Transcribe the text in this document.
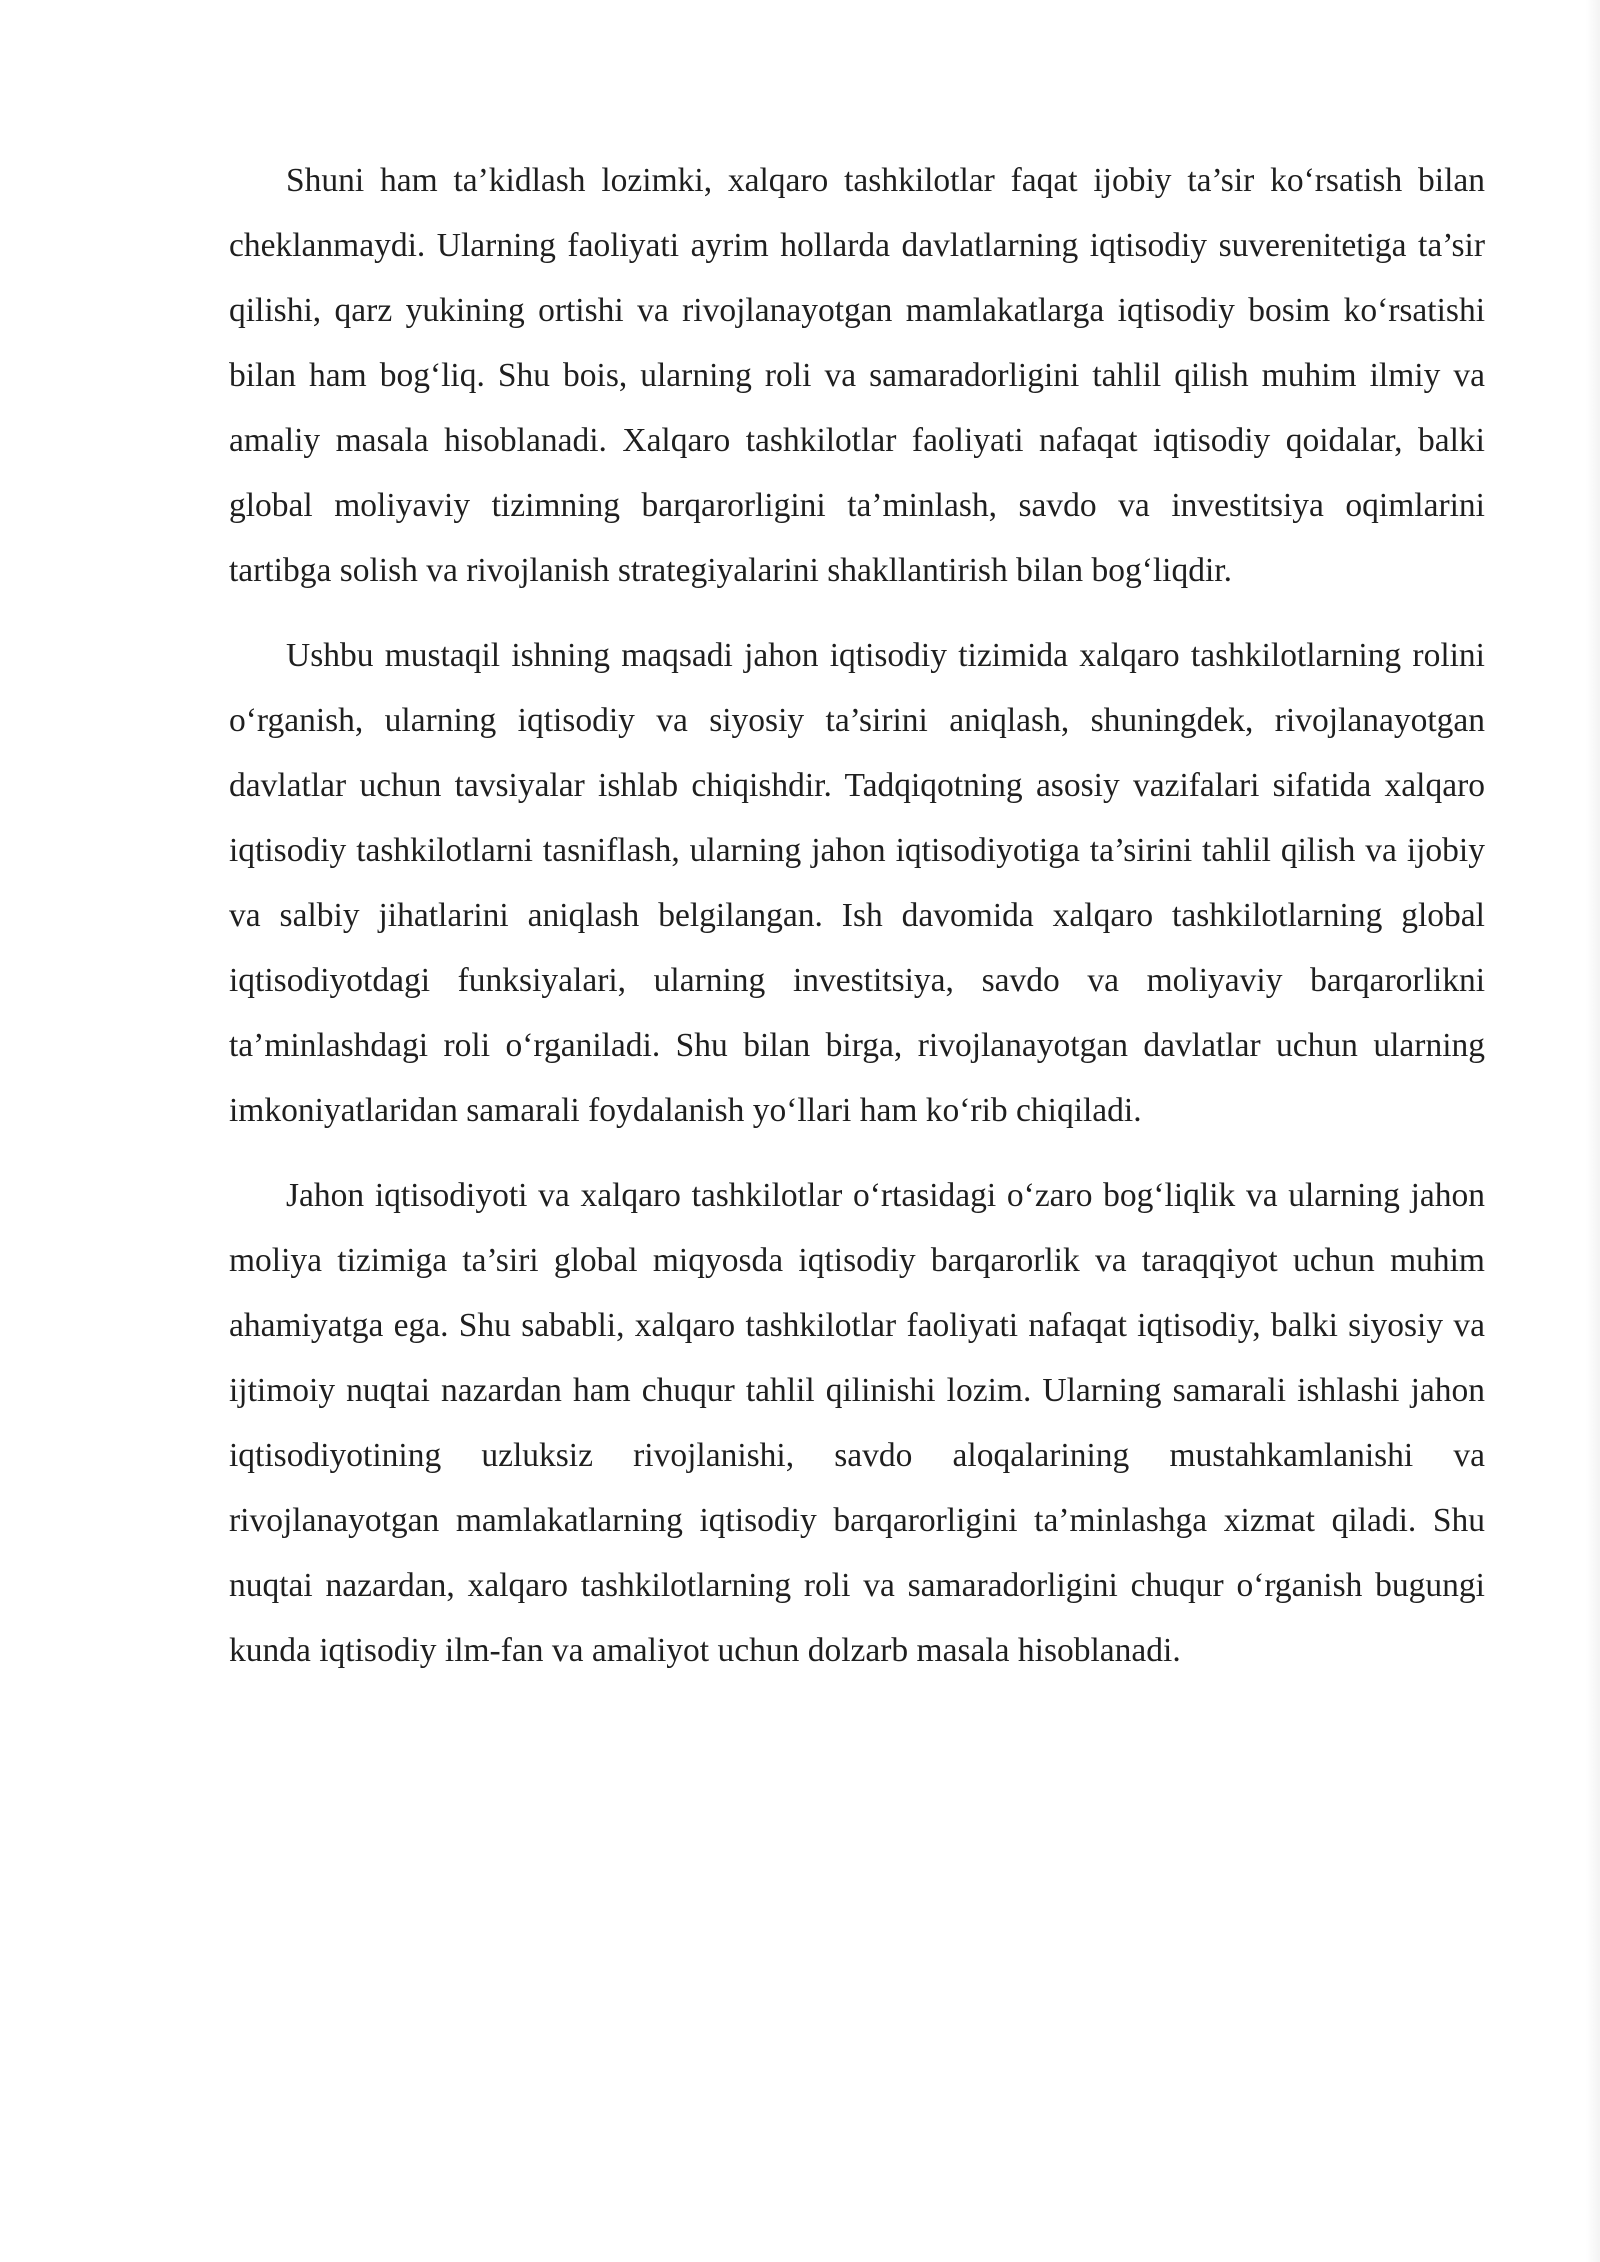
Shuni ham ta’kidlash lozimki, xalqaro tashkilotlar faqat ijobiy ta’sir ko‘rsatish bilan cheklanmaydi. Ularning faoliyati ayrim hollarda davlatlarning iqtisodiy suverenitetiga ta’sir qilishi, qarz yukining ortishi va rivojlanayotgan mamlakatlarga iqtisodiy bosim ko‘rsatishi bilan ham bog‘liq. Shu bois, ularning roli va samaradorligini tahlil qilish muhim ilmiy va amaliy masala hisoblanadi. Xalqaro tashkilotlar faoliyati nafaqat iqtisodiy qoidalar, balki global moliyaviy tizimning barqarorligini ta’minlash, savdo va investitsiya oqimlarini tartibga solish va rivojlanish strategiyalarini shakllantirish bilan bog‘liqdir.

Ushbu mustaqil ishning maqsadi jahon iqtisodiy tizimida xalqaro tashkilotlarning rolini o‘rganish, ularning iqtisodiy va siyosiy ta’sirini aniqlash, shuningdek, rivojlanayotgan davlatlar uchun tavsiyalar ishlab chiqishdir. Tadqiqotning asosiy vazifalari sifatida xalqaro iqtisodiy tashkilotlarni tasniflash, ularning jahon iqtisodiyotiga ta’sirini tahlil qilish va ijobiy va salbiy jihatlarini aniqlash belgilangan. Ish davomida xalqaro tashkilotlarning global iqtisodiyotdagi funksiyalari, ularning investitsiya, savdo va moliyaviy barqarorlikni ta’minlashdagi roli o‘rganiladi. Shu bilan birga, rivojlanayotgan davlatlar uchun ularning imkoniyatlaridan samarali foydalanish yo‘llari ham ko‘rib chiqiladi.

Jahon iqtisodiyoti va xalqaro tashkilotlar o‘rtasidagi o‘zaro bog‘liqlik va ularning jahon moliya tizimiga ta’siri global miqyosda iqtisodiy barqarorlik va taraqqiyot uchun muhim ahamiyatga ega. Shu sababli, xalqaro tashkilotlar faoliyati nafaqat iqtisodiy, balki siyosiy va ijtimoiy nuqtai nazardan ham chuqur tahlil qilinishi lozim. Ularning samarali ishlashi jahon iqtisodiyotining uzluksiz rivojlanishi, savdo aloqalarining mustahkamlanishi va rivojlanayotgan mamlakatlarning iqtisodiy barqarorligini ta’minlashga xizmat qiladi. Shu nuqtai nazardan, xalqaro tashkilotlarning roli va samaradorligini chuqur o‘rganish bugungi kunda iqtisodiy ilm-fan va amaliyot uchun dolzarb masala hisoblanadi.
